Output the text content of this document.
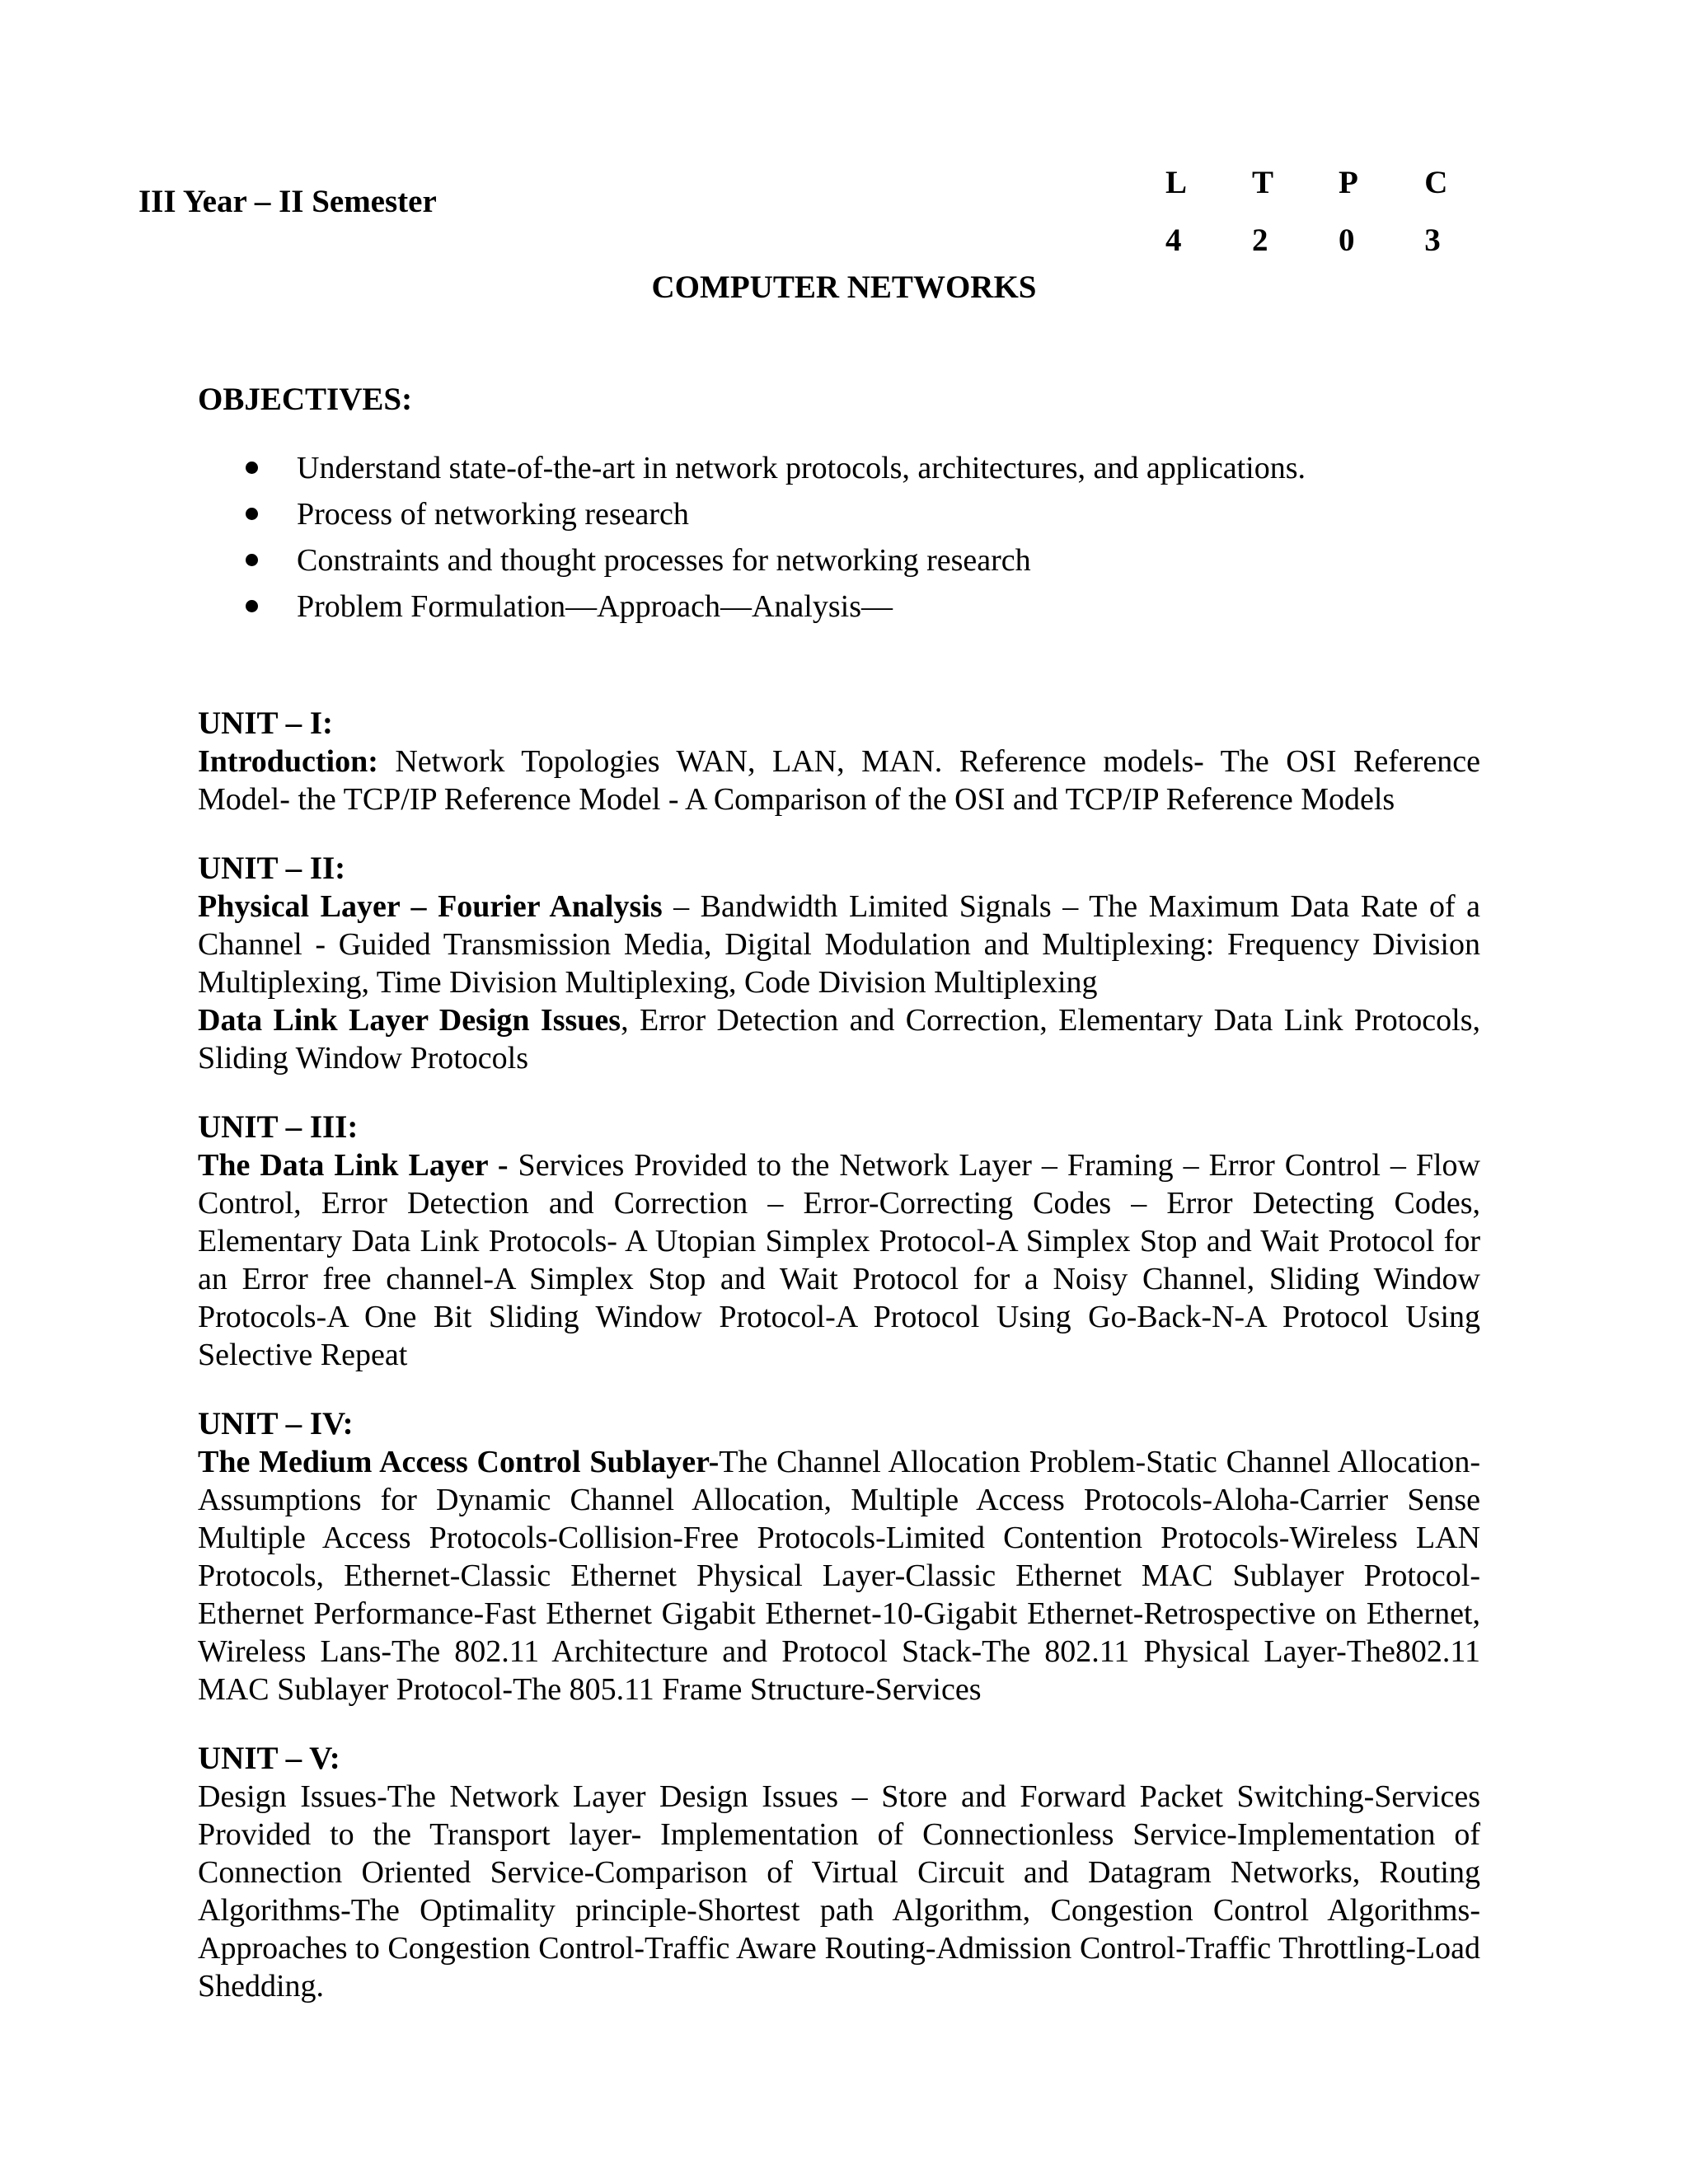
III Year – II Semester
L	T	P	C
4	2	0	3
COMPUTER NETWORKS
OBJECTIVES:
Understand state-of-the-art in network protocols, architectures, and applications.
Process of networking research
Constraints and thought processes for networking research
Problem Formulation—Approach—Analysis—

UNIT – I:

Introduction: Network Topologies WAN, LAN, MAN. Reference models- The OSI Reference Model- the TCP/IP Reference Model - A Comparison of the OSI and TCP/IP Reference Models

UNIT – II:

Physical Layer – Fourier Analysis – Bandwidth Limited Signals – The Maximum Data Rate of a Channel - Guided Transmission Media, Digital Modulation and Multiplexing: Frequency Division Multiplexing, Time Division Multiplexing, Code Division Multiplexing

Data Link Layer Design Issues, Error Detection and Correction, Elementary Data Link Protocols, Sliding Window Protocols

UNIT – III:

The Data Link Layer - Services Provided to the Network Layer – Framing – Error Control – Flow Control, Error Detection and Correction – Error-Correcting Codes – Error Detecting Codes, Elementary Data Link Protocols- A Utopian Simplex Protocol-A Simplex Stop and Wait Protocol for an Error free channel-A Simplex Stop and Wait Protocol for a Noisy Channel, Sliding Window Protocols-A One Bit Sliding Window Protocol-A Protocol Using Go-Back-N-A Protocol Using Selective Repeat

UNIT – IV:

The Medium Access Control Sublayer-The Channel Allocation Problem-Static Channel Allocation-Assumptions for Dynamic Channel Allocation, Multiple Access Protocols-Aloha-Carrier Sense Multiple Access Protocols-Collision-Free Protocols-Limited Contention Protocols-Wireless LAN Protocols, Ethernet-Classic Ethernet Physical Layer-Classic Ethernet MAC Sublayer Protocol-Ethernet Performance-Fast Ethernet Gigabit Ethernet-10-Gigabit Ethernet-Retrospective on Ethernet, Wireless Lans-The 802.11 Architecture and Protocol Stack-The 802.11 Physical Layer-The802.11 MAC Sublayer Protocol-The 805.11 Frame Structure-Services

UNIT – V:

Design Issues-The Network Layer Design Issues – Store and Forward Packet Switching-Services Provided to the Transport layer- Implementation of Connectionless Service-Implementation of Connection Oriented Service-Comparison of Virtual Circuit and Datagram Networks, Routing Algorithms-The Optimality principle-Shortest path Algorithm, Congestion Control Algorithms-Approaches to Congestion Control-Traffic Aware Routing-Admission Control-Traffic Throttling-Load Shedding.
